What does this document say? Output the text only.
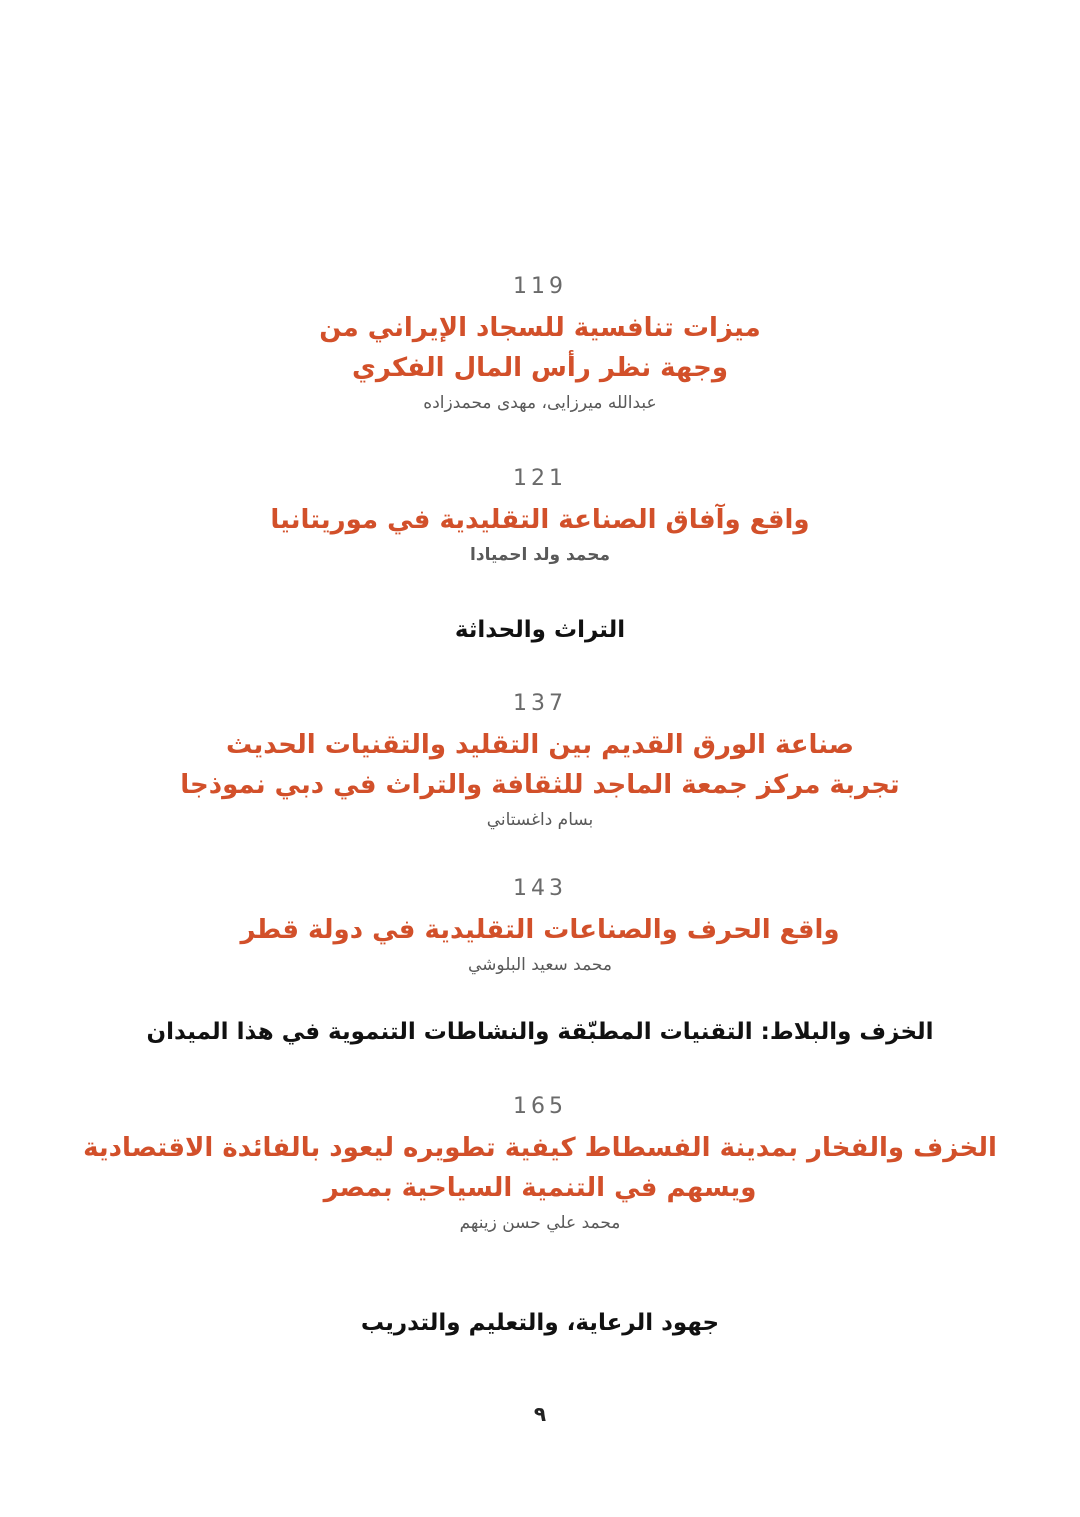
119
ميزات تنافسية للسجاد الإيراني من
وجهة نظر رأس المال الفكري
عبدالله ميرزايى، مهدى محمدزاده
121
واقع وآفاق الصناعة التقليدية في موريتانيا
محمد ولد احميادا
التراث والحداثة
137
صناعة الورق القديم بين التقليد والتقنيات الحديث
تجربة مركز جمعة الماجد للثقافة والتراث في دبي نموذجا
بسام داغستاني
143
واقع الحرف والصناعات التقليدية في دولة قطر
محمد سعيد البلوشي
الخزف والبلاط: التقنيات المطبّقة والنشاطات التنموية في هذا الميدان
165
الخزف والفخار بمدينة الفسطاط كيفية تطويره ليعود بالفائدة الاقتصادية
ويسهم في التنمية السياحية بمصر
محمد علي حسن زينهم
جهود الرعاية، والتعليم والتدريب
٩
